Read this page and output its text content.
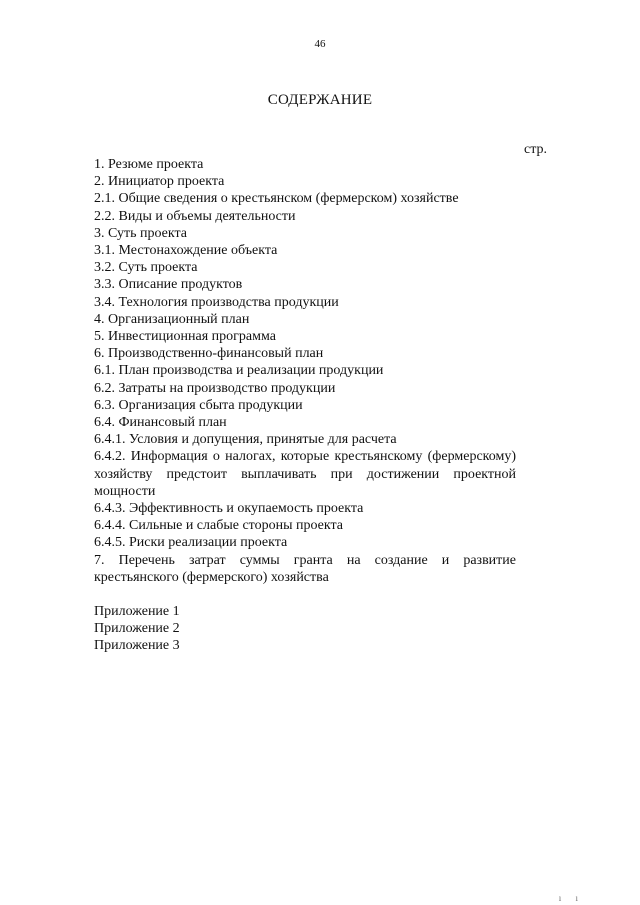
46
СОДЕРЖАНИЕ
стр.
1. Резюме проекта
2. Инициатор проекта
2.1. Общие сведения о крестьянском (фермерском) хозяйстве
2.2. Виды и объемы деятельности
3. Суть проекта
3.1. Местонахождение объекта
3.2. Суть проекта
3.3. Описание продуктов
3.4. Технология производства продукции
4. Организационный план
5. Инвестиционная программа
6. Производственно-финансовый план
6.1. План производства и реализации продукции
6.2. Затраты на производство продукции
6.3. Организация сбыта продукции
6.4. Финансовый план
6.4.1. Условия и допущения, принятые для расчета
6.4.2. Информация о налогах, которые крестьянскому (фермерскому) хозяйству предстоит выплачивать при достижении проектной мощности
6.4.3. Эффективность и окупаемость проекта
6.4.4. Сильные и слабые стороны проекта
6.4.5. Риски реализации проекта
7. Перечень затрат суммы гранта на создание и развитие крестьянского (фермерского) хозяйства
Приложение 1
Приложение 2
Приложение 3
ı ı
